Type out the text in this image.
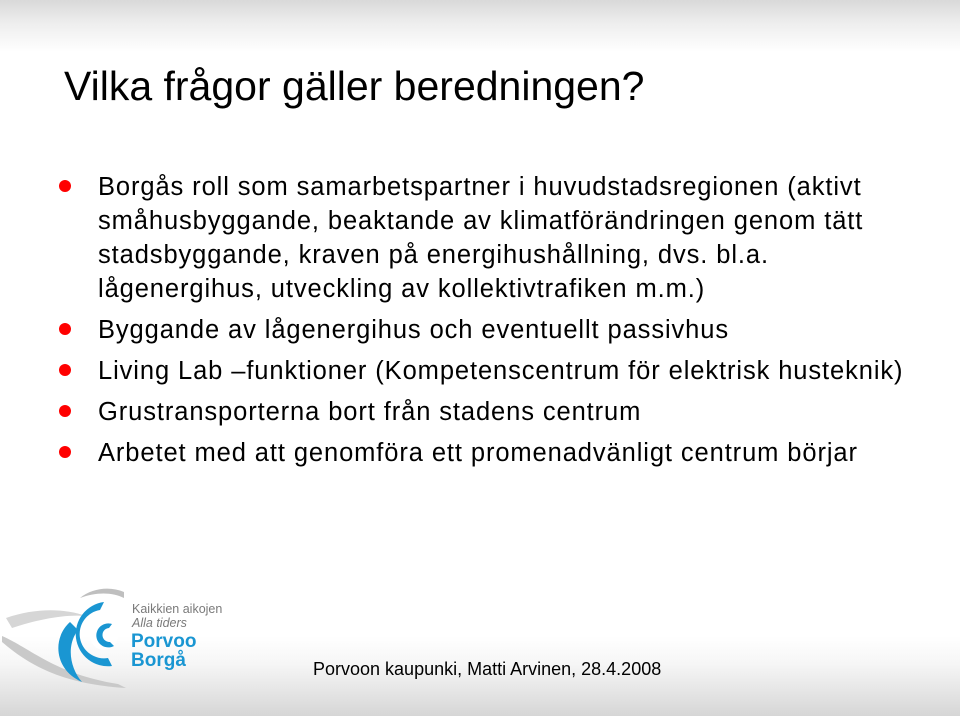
Vilka frågor gäller beredningen?
Borgås roll som samarbetspartner i huvudstadsregionen (aktivt småhusbyggande, beaktande av klimatförändringen genom tätt stadsbyggande, kraven på energihushållning, dvs. bl.a. lågenergihus, utveckling av kollektivtrafiken m.m.)
Byggande av lågenergihus och eventuellt passivhus
Living Lab –funktioner (Kompetenscentrum för elektrisk husteknik)
Grustransporterna bort från stadens centrum
Arbetet med att genomföra ett promenadvänligt centrum börjar
Kaikkien aikojen
Alla tiders
Porvoo
Borgå	Porvoon kaupunki, Matti Arvinen, 28.4.2008
